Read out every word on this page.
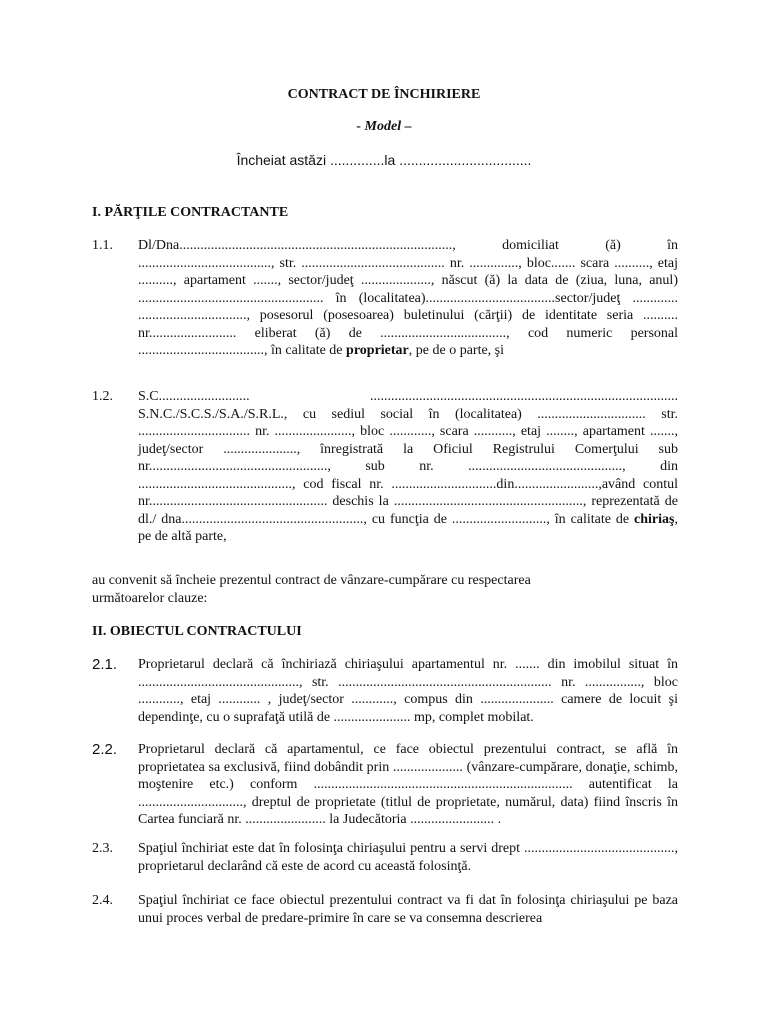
CONTRACT DE ÎNCHIRIERE
- Model –
Încheiat astăzi ..............la ..................................
I. PĂRŢILE CONTRACTANTE
1.1. Dl/Dna.............................................................................., domiciliat (ă) în ......................................, str. ......................................... nr. .............., bloc....... scara .........., etaj .........., apartament ......., sector/judeţ ...................., născut (ă) la data de (ziua, luna, anul) ..................................................... în (localitatea).....................................sector/judeţ ............. ..............................., posesorul (posesoarea) buletinului (cărţii) de identitate seria .......... nr......................... eliberat (ă) de ...................................., cod numeric personal ...................................., în calitate de proprietar, pe de o parte, şi
1.2. S.C.......................... ........................................................................................ S.N.C./S.C.S./S.A./S.R.L., cu sediul social în (localitatea) ............................... str. ................................ nr. ......................, bloc ............, scara ..........., etaj ........, apartament ......., judeţ/sector ....................., înregistrată la Oficiul Registrului Comerţului sub nr..................................................., sub nr. ............................................, din ............................................, cod fiscal nr. ..............................din........................,având contul nr................................................... deschis la ......................................................, reprezentată de dl./ dna...................................................., cu funcţia de ..........................., în calitate de chiriaş, pe de altă parte,
au convenit să încheie prezentul contract de vânzare-cumpărare cu respectarea următoarelor clauze:
II. OBIECTUL CONTRACTULUI
2.1. Proprietarul declară că închiriază chiriaşului apartamentul nr. ....... din imobilul situat în .............................................., str. ............................................................. nr. ................, bloc ............, etaj ............ , judeţ/sector ............, compus din ..................... camere de locuit şi dependinţe, cu o suprafaţă utilă de ...................... mp, complet mobilat.
2.2. Proprietarul declară că apartamentul, ce face obiectul prezentului contract, se află în proprietatea sa exclusivă, fiind dobândit prin .................... (vânzare-cumpărare, donaţie, schimb, moştenire etc.) conform .......................................................................... autentificat la .............................., dreptul de proprietate (titlul de proprietate, numărul, data) fiind înscris în Cartea funciară nr. ....................... la Judecătoria ........................ .
2.3. Spaţiul închiriat este dat în folosinţa chiriaşului pentru a servi drept ..........................................., proprietarul declarând că este de acord cu această folosinţă.
2.4. Spaţiul închiriat ce face obiectul prezentului contract va fi dat în folosinţa chiriaşului pe baza unui proces verbal de predare-primire în care se va consemna descrierea
